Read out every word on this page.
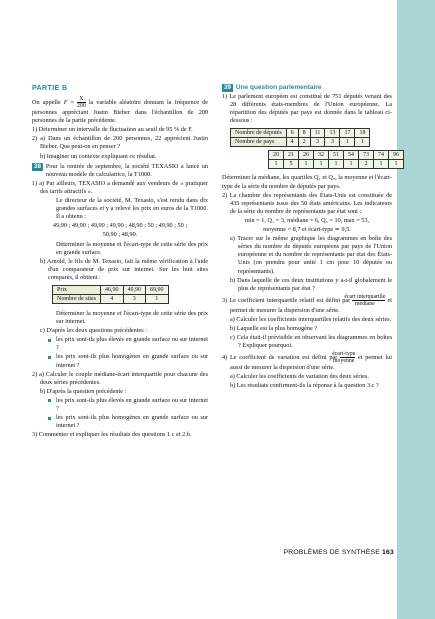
PARTIE B

On appelle $F = \frac{X}{200}$ la variable aléatoire donnant la fréquence de personnes appréciant Justin Bieber dans l'échantillon de 200 personnes de la partie précédente.

1) Déterminer un intervalle de fluctuation au seuil de 95 % de F.

2) a) Dans un échantillon de 200 personnes, 22 apprécient Justin Bieber. Que peut-on en penser ?

b) Imaginer un contexte expliquant ce résultat.

38 Pour la rentrée de septembre, la société TEXASIO a lancé un nouveau modèle de calculatrice, la T1000.

1) a) Par ailleurs, TEXASIO a demandé aux vendeurs de « pratiquer des tarifs attractifs ».

Le directeur de la société, M. Texasio, s'est rendu dans dix grandes surfaces et y a relevé les prix en euros de la T1000. Il a obtenu :

49,90 ; 49,90 ; 49,90 ; 49,90 ; 48,90 ; 50 ; 49,90 ; 50 ;

50,90 ; 48,90.

Déterminer la moyenne et l'écart-type de cette série des prix en grande surface.

b) Arnold, le fils de M. Texasio, fait la même vérification à l'aide d'un comparateur de prix sur internet. Sur les huit sites comparés, il obtient :

Prix	46,90	49,90	69,90
Nombre de sites	4	3	1

Déterminer la moyenne et l'écart-type de cette série des prix sur internet.

c) D'après les deux questions précédentes :

les prix sont-ils plus élevés en grande surface ou sur internet ?

les prix sont-ils plus homogènes en grande surface ou sur internet ?

2) a) Calculer le couple médiane-écart interquartile pour chacune des deux séries précédentes.

b) D'après la question précédente :

les prix sont-ils plus élevés en grande surface ou sur internet ?

les prix sont-ils plus homogènes en grande surface ou sur internet ?

3) Commenter et expliquer les résultats des questions 1.c et 2.b.

39 Une question parlementaire

1) Le parlement européen est constitué de 751 députés venant des 28 différents états-membres de l'Union européenne. La répartition des députés par pays est donnée dans le tableau ci-dessous :

Nombre de députés	6	8	11	13	17	18
Nombre de pays	4	2	3	3	1	1
20	21	26	32	51	54	73	74	96
1	5	1	1	1	1	2	1	1

Déterminer la médiane, les quartiles Q₁ et Q₃, la moyenne et l'écart-type de la série du nombre de députés par pays.

2) La chambre des représentants des États-Unis est constituée de 435 représentants issus des 50 états américains. Les indicateurs de la série du nombre de représentants par état sont :

min = 1, Q₁ = 3, médiane = 6, Q₃ = 10, max = 53,

moyenne = 8,7 et écart-type ≃ 9,5.

a) Tracer sur le même graphique les diagrammes en boîte des séries du nombre de députés européens par pays de l'Union européenne et du nombre de représentants par état des États-Unis (on prendra pour unité 1 cm pour 10 députés ou représentants).

b) Dans laquelle de ces deux institutions y a-t-il globalement le plus de représentants par état ?

3) Le coefficient interquartile relatif est défini par $\frac{\text{écart interquartile}}{\text{médiane}}$ et permet de mesurer la dispersion d'une série.

a) Calculer les coefficients interquartiles relatifs des deux séries.

b) Laquelle est la plus homogène ?

c) Cela était-il prévisible en observant les diagrammes en boîtes ? Expliquer pourquoi.

4) Le coefficient de variation est défini par $\frac{\text{écart-type}}{\text{moyenne}}$ et permet lui aussi de mesurer la dispersion d'une série.

a) Calculer les coefficients de variation des deux séries.

b) Les résultats confirment-ils la réponse à la question 3.c ?

PROBLÈMES DE SYNTHÈSE 163
